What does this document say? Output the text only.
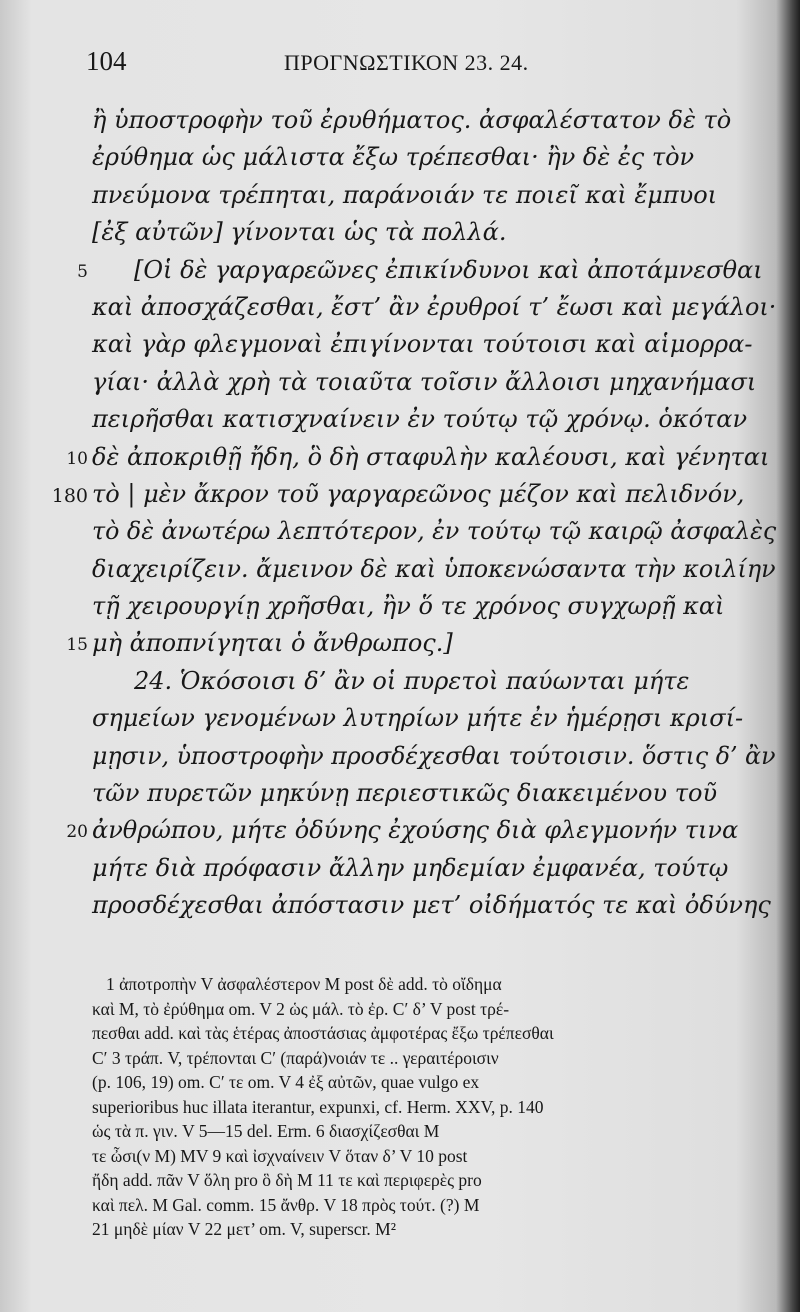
104	ΠΡΟΓΝΩΣΤΙΚΟΝ 23. 24.
ἢ ὑποστροφὴν τοῦ ἐρυθήματος. ἀσφαλέστατον δὲ τὸ
ἐρύθημα ὡς μάλιστα ἔξω τρέπεσθαι· ἢν δὲ ἐς τὸν
πνεύμονα τρέπηται, παράνοιάν τε ποιεῖ καὶ ἔμπυοι
[ἐξ αὐτῶν] γίνονται ὡς τὰ πολλά.
5 [Οἱ δὲ γαργαρεῶνες ἐπικίνδυνοι καὶ ἀποτάμνεσθαι
καὶ ἀποσχάζεσθαι, ἔστ’ ἂν ἐρυθροί τ’ ἔωσι καὶ μεγάλοι·
καὶ γὰρ φλεγμοναὶ ἐπιγίνονται τούτοισι καὶ αἱμορρα-
γίαι· ἀλλὰ χρὴ τὰ τοιαῦτα τοῖσιν ἄλλοισι μηχανήμασι
πειρῆσθαι κατισχναίνειν ἐν τούτῳ τῷ χρόνῳ. ὁκόταν
10 δὲ ἀποκριθῇ ἤδη, ὃ δὴ σταφυλὴν καλέουσι, καὶ γένηται
180 τὸ | μὲν ἄκρον τοῦ γαργαρεῶνος μέζον καὶ πελιδνόν,
τὸ δὲ ἀνωτέρω λεπτότερον, ἐν τούτῳ τῷ καιρῷ ἀσφαλὲς
διαχειρίζειν. ἄμεινον δὲ καὶ ὑποκενώσαντα τὴν κοιλίην
τῇ χειρουργίῃ χρῆσθαι, ἢν ὅ τε χρόνος συγχωρῇ καὶ
15 μὴ ἀποπνίγηται ὁ ἄνθρωπος.]
24. Ὁκόσοισι δ’ ἂν οἱ πυρετοὶ παύωνται μήτε
σημείων γενομένων λυτηρίων μήτε ἐν ἡμέρῃσι κρισί-
μῃσιν, ὑποστροφὴν προσδέχεσθαι τούτοισιν. ὅστις δ’ ἂν
τῶν πυρετῶν μηκύνῃ περιεστικῶς διακειμένου τοῦ
20 ἀνθρώπου, μήτε ὀδύνης ἐχούσης διὰ φλεγμονήν τινα
μήτε διὰ πρόφασιν ἄλλην μηδεμίαν ἐμφανέα, τούτῳ
προσδέχεσθαι ἀπόστασιν μετ’ οἰδήματός τε καὶ ὀδύνης
1 ἀποτροπὴν V ἀσφαλέστερον M post δὲ add. τὸ οἴδημα
καὶ M, τὸ ἐρύθημα om. V 2 ὡς μάλ. τὸ ἐρ. C′ δ’ V post τρέ-
πεσθαι add. καὶ τὰς ἑτέρας ἀποστάσιας ἀμφοτέρας ἔξω τρέπεσθαι
C′ 3 τράπ. V, τρέπονται C′ (παρά)νοιάν τε .. γεραιτέροισιν
(p. 106, 19) om. C′ τε om. V 4 ἐξ αὐτῶν, quae vulgo ex
superioribus huc illata iterantur, expunxi, cf. Herm. XXV, p. 140
ὡς τὰ π. γιν. V 5—15 del. Erm. 6 διασχίζεσθαι M
τε ὦσι(ν M) MV 9 καὶ ἰσχναίνειν V ὅταν δ’ V 10 post
ἤδη add. πᾶν V ὅλη pro ὃ δὴ M 11 τε καὶ περιφερὲς pro
καὶ πελ. M Gal. comm. 15 ἄνθρ. V 18 πρὸς τούτ. (?) M
21 μηδὲ μίαν V 22 μετ’ om. V, superscr. M²
